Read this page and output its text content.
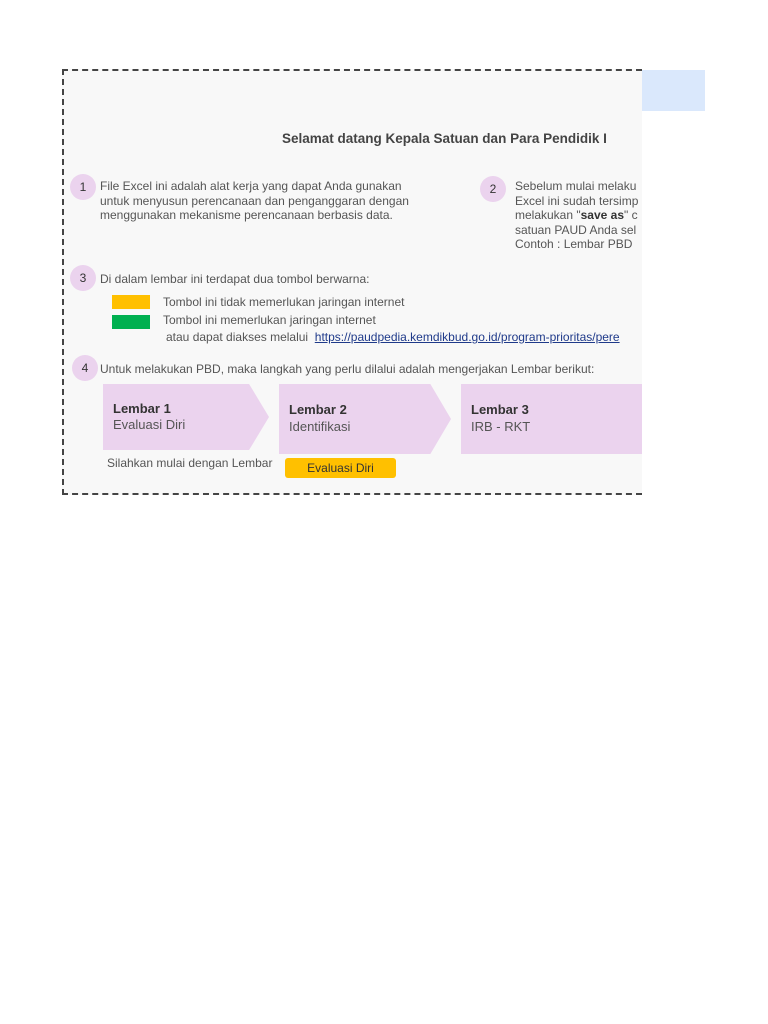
Selamat datang Kepala Satuan dan Para Pendidik I
1	File Excel ini adalah alat kerja yang dapat Anda gunakan
untuk menyusun perencanaan dan penganggaran dengan
menggunakan mekanisme perencanaan berbasis data.
2	Sebelum mulai melaku
Excel ini sudah tersimp
melakukan "save as" c
satuan PAUD Anda sel
Contoh : Lembar PBD
3	Di dalam lembar ini terdapat dua tombol berwarna:
Tombol ini tidak memerlukan jaringan internet
Tombol ini memerlukan jaringan internet
atau dapat diakses melalui https://paudpedia.kemdikbud.go.id/program-prioritas/pere
4 Untuk melakukan PBD, maka langkah yang perlu dilalui adalah mengerjakan Lembar berikut:
Lembar 1
Evaluasi Diri
Lembar 2
Identifikasi
Lembar 3
IRB - RKT
Silahkan mulai dengan Lembar	Evaluasi Diri
